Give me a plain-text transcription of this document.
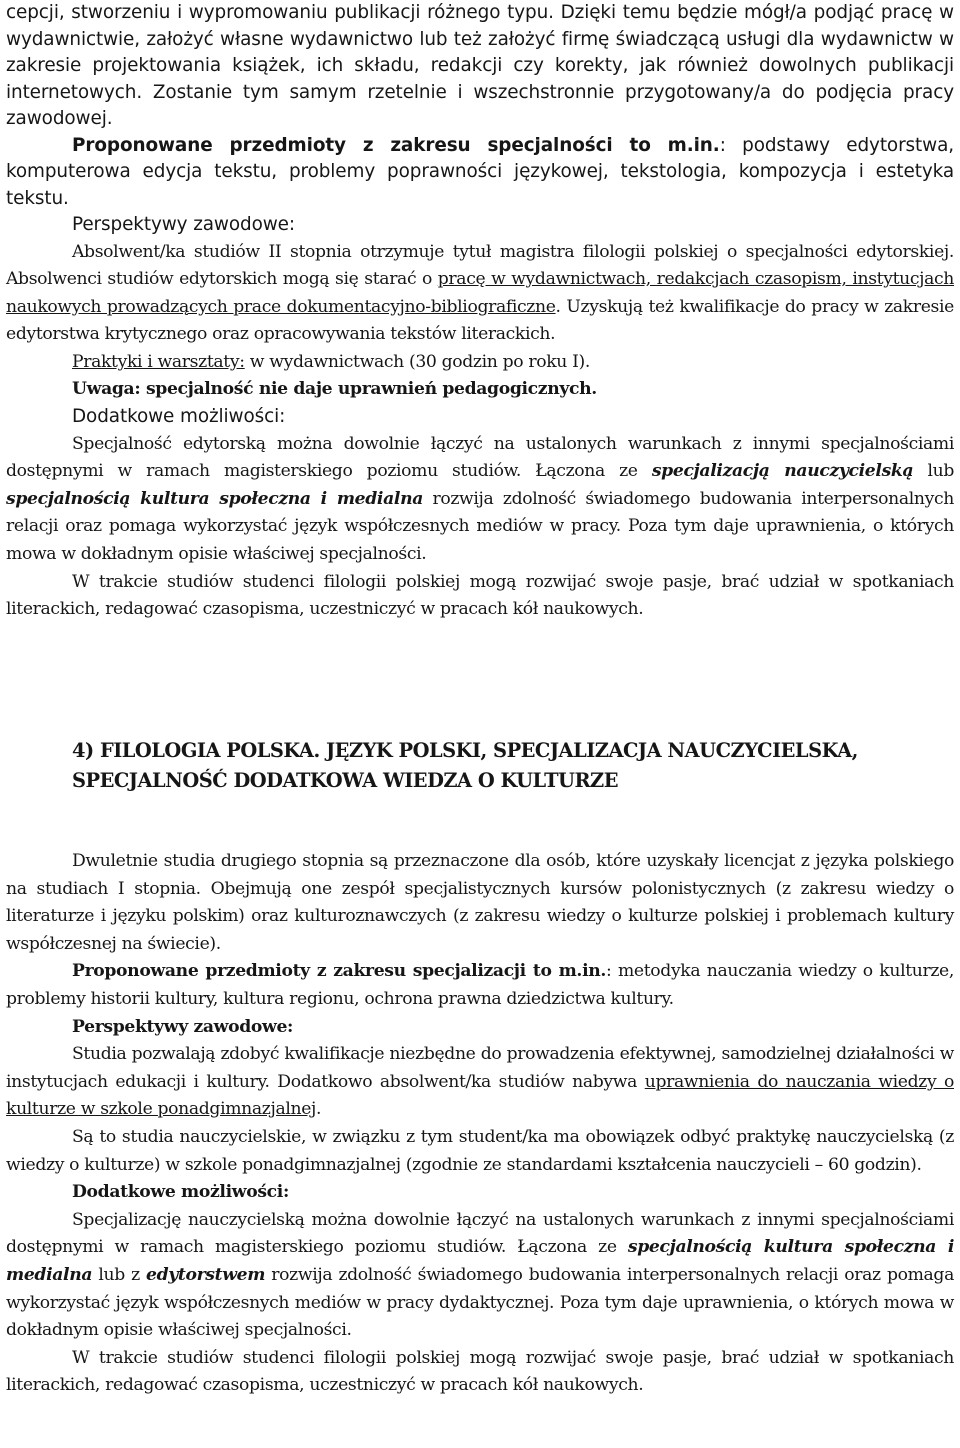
cepcji, stworzeniu i wypromowaniu publikacji różnego typu. Dzięki temu będzie mógł/a podjąć pracę w wydawnictwie, założyć własne wydawnictwo lub też założyć firmę świadczącą usługi dla wydawnictw w zakresie projektowania książek, ich składu, redakcji czy korekty, jak również dowolnych publikacji internetowych. Zostanie tym samym rzetelnie i wszechstronnie przygotowany/a do podjęcia pracy zawodowej.

Proponowane przedmioty z zakresu specjalności to m.in.: podstawy edytorstwa, komputerowa edycja tekstu, problemy poprawności językowej, tekstologia, kompozycja i estetyka tekstu.

Perspektywy zawodowe:

Absolwent/ka studiów II stopnia otrzymuje tytuł magistra filologii polskiej o specjalności edytorskiej. Absolwenci studiów edytorskich mogą się starać o pracę w wydawnictwach, redakcjach czasopism, instytucjach naukowych prowadzących prace dokumentacyjno-bibliograficzne. Uzyskują też kwalifikacje do pracy w zakresie edytorstwa krytycznego oraz opracowywania tekstów literackich.

Praktyki i warsztaty: w wydawnictwach (30 godzin po roku I).

Uwaga: specjalność nie daje uprawnień pedagogicznych.

Dodatkowe możliwości:

Specjalność edytorską można dowolnie łączyć na ustalonych warunkach z innymi specjalnościami dostępnymi w ramach magisterskiego poziomu studiów. Łączona ze specjalizacją nauczycielską lub specjalnością kultura społeczna i medialna rozwija zdolność świadomego budowania interpersonalnych relacji oraz pomaga wykorzystać język współczesnych mediów w pracy. Poza tym daje uprawnienia, o których mowa w dokładnym opisie właściwej specjalności.

W trakcie studiów studenci filologii polskiej mogą rozwijać swoje pasje, brać udział w spotkaniach literackich, redagować czasopisma, uczestniczyć w pracach kół naukowych.

4) FILOLOGIA POLSKA. JĘZYK POLSKI, SPECJALIZACJA NAUCZYCIELSKA,

SPECJALNOŚĆ DODATKOWA WIEDZA O KULTURZE

Dwuletnie studia drugiego stopnia są przeznaczone dla osób, które uzyskały licencjat z języka polskiego na studiach I stopnia. Obejmują one zespół specjalistycznych kursów polonistycznych (z zakresu wiedzy o literaturze i języku polskim) oraz kulturoznawczych (z zakresu wiedzy o kulturze polskiej i problemach kultury współczesnej na świecie).

Proponowane przedmioty z zakresu specjalizacji to m.in.: metodyka nauczania wiedzy o kulturze, problemy historii kultury, kultura regionu, ochrona prawna dziedzictwa kultury.

Perspektywy zawodowe:

Studia pozwalają zdobyć kwalifikacje niezbędne do prowadzenia efektywnej, samodzielnej działalności w instytucjach edukacji i kultury. Dodatkowo absolwent/ka studiów nabywa uprawnienia do nauczania wiedzy o kulturze w szkole ponadgimnazjalnej.

Są to studia nauczycielskie, w związku z tym student/ka ma obowiązek odbyć praktykę nauczycielską (z wiedzy o kulturze) w szkole ponadgimnazjalnej (zgodnie ze standardami kształcenia nauczycieli – 60 godzin).

Dodatkowe możliwości:

Specjalizację nauczycielską można dowolnie łączyć na ustalonych warunkach z innymi specjalnościami dostępnymi w ramach magisterskiego poziomu studiów. Łączona ze specjalnością kultura społeczna i medialna lub z edytorstwem rozwija zdolność świadomego budowania interpersonalnych relacji oraz pomaga wykorzystać język współczesnych mediów w pracy dydaktycznej. Poza tym daje uprawnienia, o których mowa w dokładnym opisie właściwej specjalności.

W trakcie studiów studenci filologii polskiej mogą rozwijać swoje pasje, brać udział w spotkaniach literackich, redagować czasopisma, uczestniczyć w pracach kół naukowych.
